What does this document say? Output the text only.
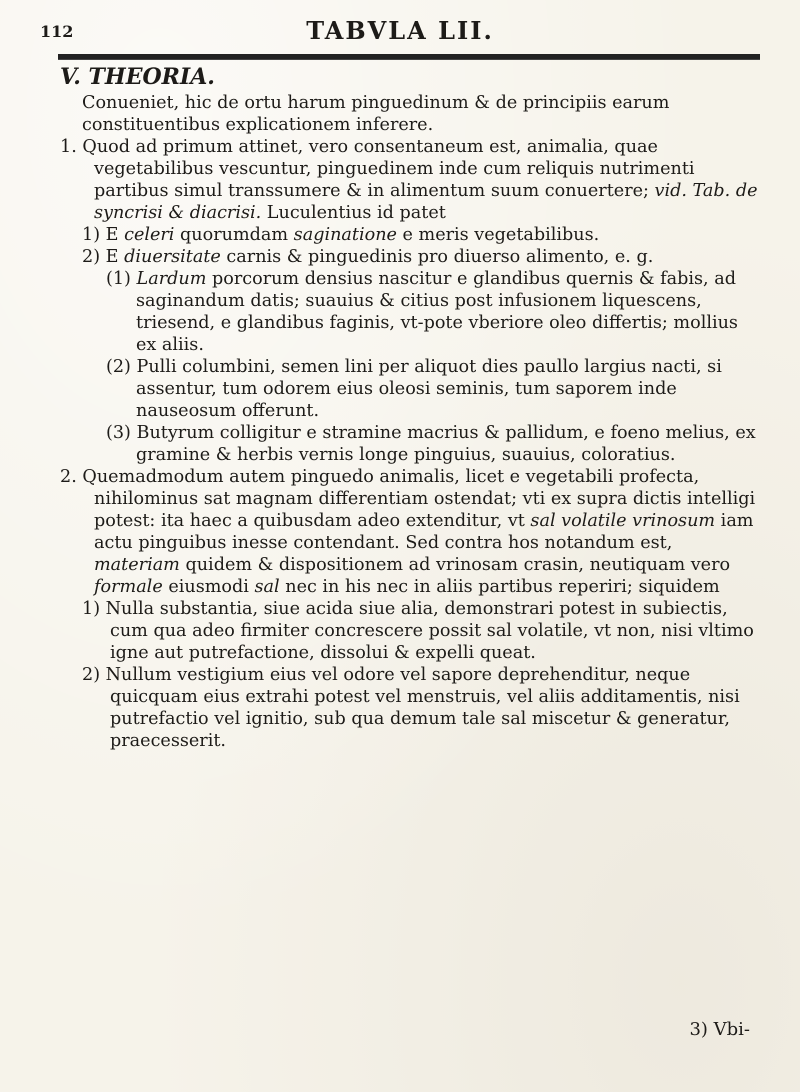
112	TABVLA LII.
V. THEORIA.

Conueniet, hic de ortu harum pinguedinum & de principiis earum constituentibus explicationem inferere.

1. Quod ad primum attinet, vero consentaneum est, animalia, quae vegetabilibus vescuntur, pinguedinem inde cum reliquis nutrimenti partibus simul transsumere & in alimentum suum conuertere; vid. Tab. de syncrisi & diacrisi. Luculentius id patet

1) E celeri quorumdam saginatione e meris vegetabilibus.

2) E diuersitate carnis & pinguedinis pro diuerso alimento, e. g.

(1) Lardum porcorum densius nascitur e glandibus quernis & fabis, ad saginandum datis; suauius & citius post infusionem liquescens, triesend, e glandibus faginis, vt-pote vberiore oleo differtis; mollius ex aliis.

(2) Pulli columbini, semen lini per aliquot dies paullo largius nacti, si assentur, tum odorem eius oleosi seminis, tum saporem inde nauseosum offerunt.

(3) Butyrum colligitur e stramine macrius & pallidum, e foeno melius, ex gramine & herbis vernis longe pinguius, suauius, coloratius.

2. Quemadmodum autem pinguedo animalis, licet e vegetabili profecta, nihilominus sat magnam differentiam ostendat; vti ex supra dictis intelligi potest: ita haec a quibusdam adeo extenditur, vt sal volatile vrinosum iam actu pinguibus inesse contendant. Sed contra hos notandum est, materiam quidem & dispositionem ad vrinosam crasin, neutiquam vero formale eiusmodi sal nec in his nec in aliis partibus reperiri; siquidem

1) Nulla substantia, siue acida siue alia, demonstrari potest in subiectis, cum qua adeo firmiter concrescere possit sal volatile, vt non, nisi vltimo igne aut putrefactione, dissolui & expelli queat.

2) Nullum vestigium eius vel odore vel sapore deprehenditur, neque quicquam eius extrahi potest vel menstruis, vel aliis additamentis, nisi putrefactio vel ignitio, sub qua demum tale sal miscetur & generatur, praecesserit.

3) Vbi-
